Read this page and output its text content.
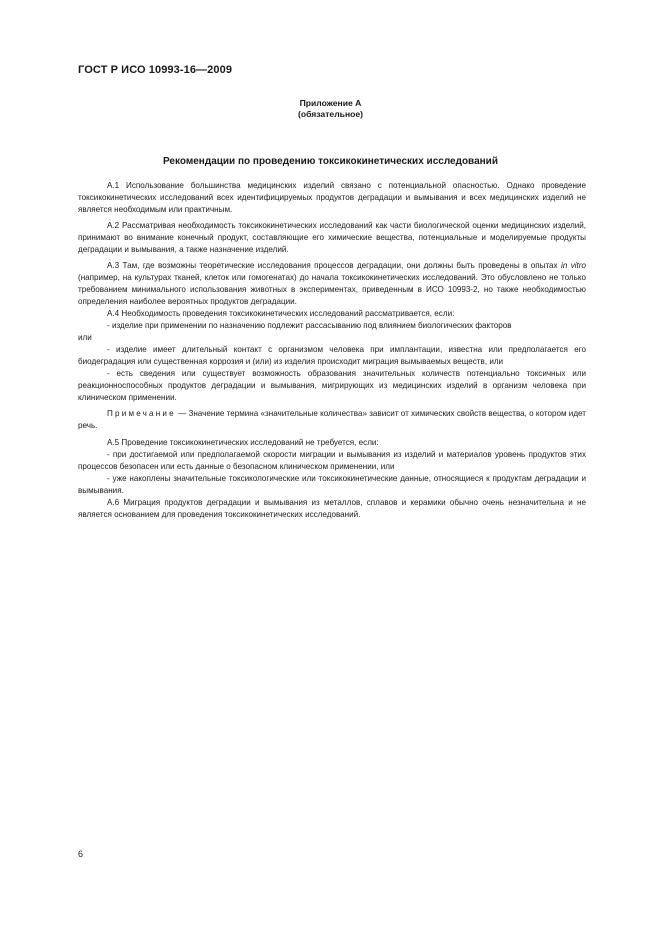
ГОСТ Р ИСО 10993-16—2009
Приложение А
(обязательное)
Рекомендации по проведению токсикокинетических исследований

А.1 Использование большинства медицинских изделий связано с потенциальной опасностью. Однако проведение токсикокинетических исследований всех идентифицируемых продуктов деградации и вымывания и всех медицинских изделий не является необходимым или практичным.

А.2 Рассматривая необходимость токсикокинетических исследований как части биологической оценки медицинских изделий, принимают во внимание конечный продукт, составляющие его химические вещества, потенциальные и моделируемые продукты деградации и вымывания, а также назначение изделий.

А.3 Там, где возможны теоретические исследования процессов деградации, они должны быть проведены в опытах in vitro (например, на культурах тканей, клеток или гомогенатах) до начала токсикокинетических исследований. Это обусловлено не только требованием минимального использования животных в экспериментах, приведенным в ИСО 10993-2, но также необходимостью определения наиболее вероятных продуктов деградации.

А.4 Необходимость проведения токсикокинетических исследований рассматривается, если:

- изделие при применении по назначению подлежит рассасыванию под влиянием биологических факторов

или

- изделие имеет длительный контакт с организмом человека при имплантации, известна или предполагается его биодеградация или существенная коррозия и (или) из изделия происходит миграция вымываемых веществ, или

- есть сведения или существует возможность образования значительных количеств потенциально токсичных или реакционноспособных продуктов деградации и вымывания, мигрирующих из медицинских изделий в организм человека при клиническом применении.

Примечание — Значение термина «значительные количества» зависит от химических свойств вещества, о котором идет речь.

А.5 Проведение токсикокинетических исследований не требуется, если:

- при достигаемой или предполагаемой скорости миграции и вымывания из изделий и материалов уровень продуктов этих процессов безопасен или есть данные о безопасном клиническом применении, или

- уже накоплены значительные токсикологические или токсикокинетические данные, относящиеся к продуктам деградации и вымывания.

А.6 Миграция продуктов деградации и вымывания из металлов, сплавов и керамики обычно очень незначительна и не является основанием для проведения токсикокинетических исследований.

6
